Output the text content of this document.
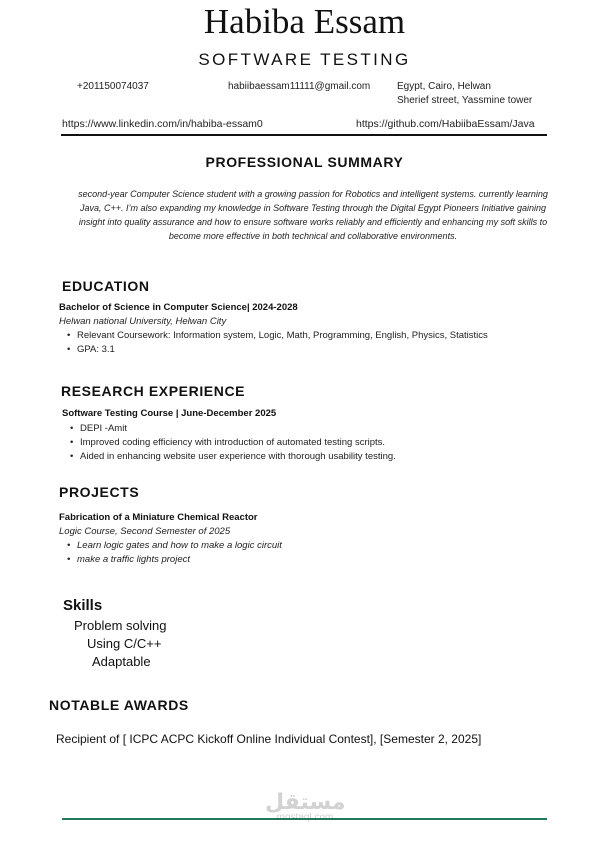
Habiba Essam
SOFTWARE TESTING
+201150074037	habiibaessam11111@gmail.com	Egypt, Cairo, Helwan
Sherief street, Yassmine tower
https://www.linkedin.com/in/habiba-essam0	https://github.com/HabiibaEssam/Java
PROFESSIONAL SUMMARY
second-year Computer Science student with a growing passion for Robotics and intelligent systems. currently learning Java, C++. I’m also expanding my knowledge in Software Testing through the Digital Egypt Pioneers Initiative gaining insight into quality assurance and how to ensure software works reliably and efficiently and enhancing my soft skills to become more effective in both technical and collaborative environments.
EDUCATION
Bachelor of Science in Computer Science| 2024-2028
Helwan national University, Helwan City
• Relevant Coursework: Information system, Logic, Math, Programming, English, Physics, Statistics
• GPA: 3.1
RESEARCH EXPERIENCE
Software Testing Course | June-December 2025
• DEPI -Amit
• Improved coding efficiency with introduction of automated testing scripts.
• Aided in enhancing website user experience with thorough usability testing.
PROJECTS
Fabrication of a Miniature Chemical Reactor
Logic Course, Second Semester of 2025
• Learn logic gates and how to make a logic circuit
• make a traffic lights project
Skills
Problem solving
Using C/C++
Adaptable
NOTABLE AWARDS
Recipient of [ ICPC ACPC Kickoff Online Individual Contest], [Semester 2, 2025]
مستقل
